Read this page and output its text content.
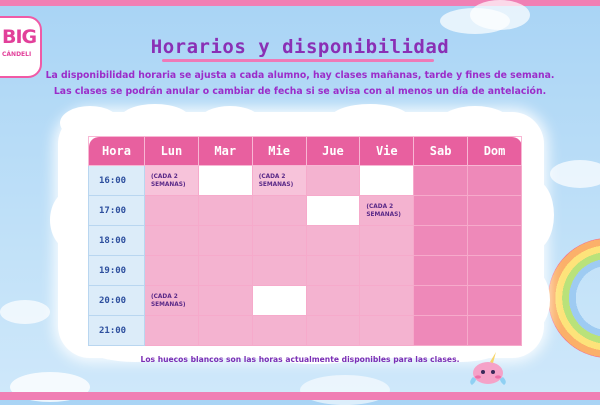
BIG
CÁNDELI	Horarios y disponibilidad
La disponibilidad horaria se ajusta a cada alumno, hay clases mañanas, tarde y fines de semana.
Las clases se podrán anular o cambiar de fecha si se avisa con al menos un día de antelación.
Hora	Lun	Mar	Mie	Jue	Vie	Sab	Dom
16:00	(CADA 2 SEMANAS)		(CADA 2 SEMANAS)				
17:00					(CADA 2 SEMANAS)		
18:00							
19:00							
20:00	(CADA 2 SEMANAS)						
21:00							
Los huecos blancos son las horas actualmente disponibles para las clases.
